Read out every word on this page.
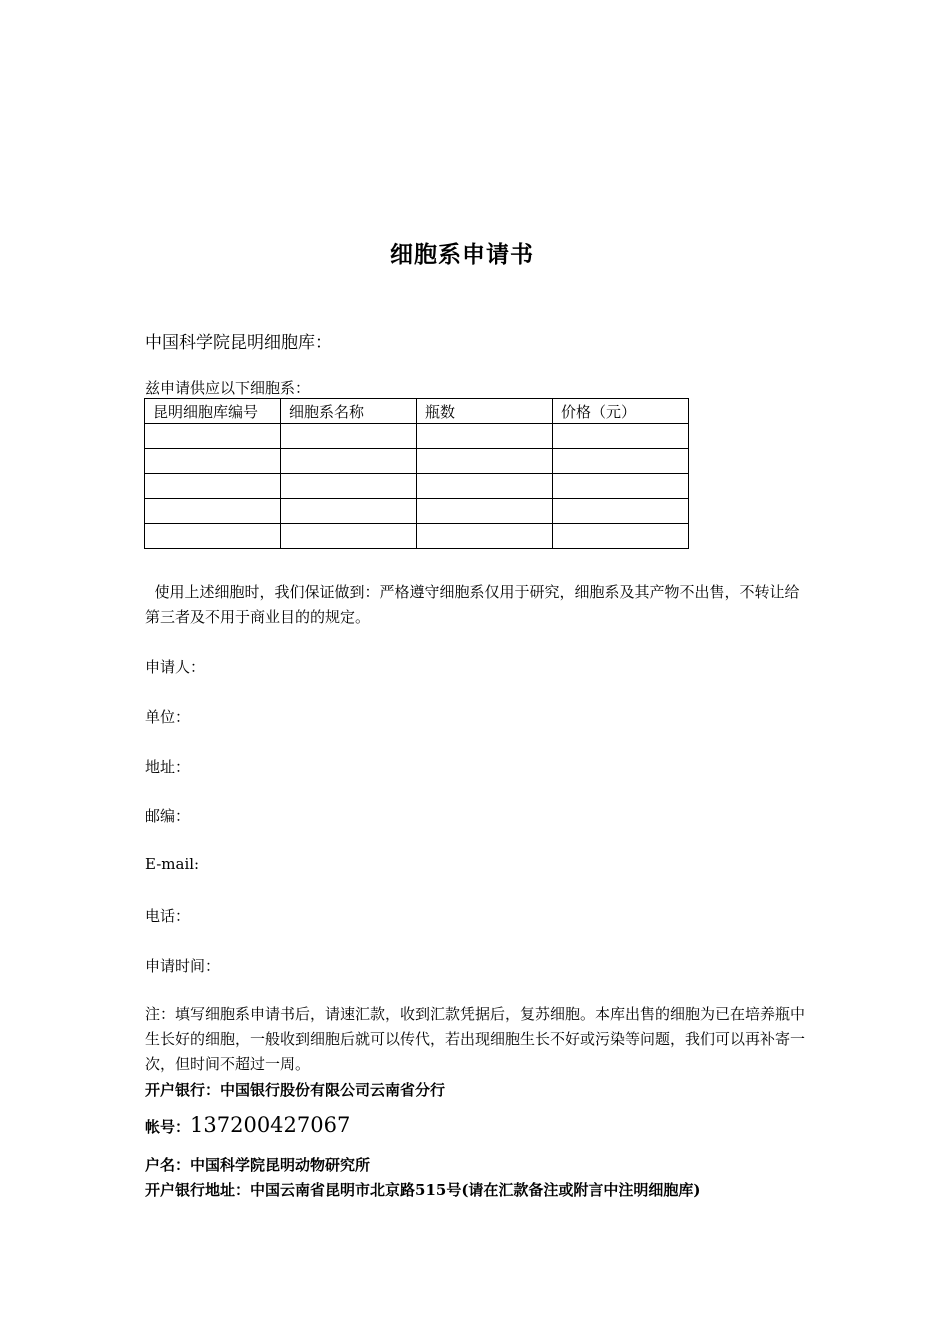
细胞系申请书
中国科学院昆明细胞库：
兹申请供应以下细胞系：
昆明细胞库编号	细胞系名称	瓶数	价格（元）

使用上述细胞时，我们保证做到：严格遵守细胞系仅用于研究，细胞系及其产物不出售，不转让给第三者及不用于商业目的的规定。
申请人：
单位：
地址：
邮编：
E-mail:
电话：
申请时间：
注：填写细胞系申请书后，请速汇款，收到汇款凭据后，复苏细胞。本库出售的细胞为已在培养瓶中生长好的细胞，一般收到细胞后就可以传代，若出现细胞生长不好或污染等问题，我们可以再补寄一次，但时间不超过一周。
开户银行：中国银行股份有限公司云南省分行
帐号：137200427067
户名：中国科学院昆明动物研究所
开户银行地址：中国云南省昆明市北京路515号(请在汇款备注或附言中注明细胞库)
